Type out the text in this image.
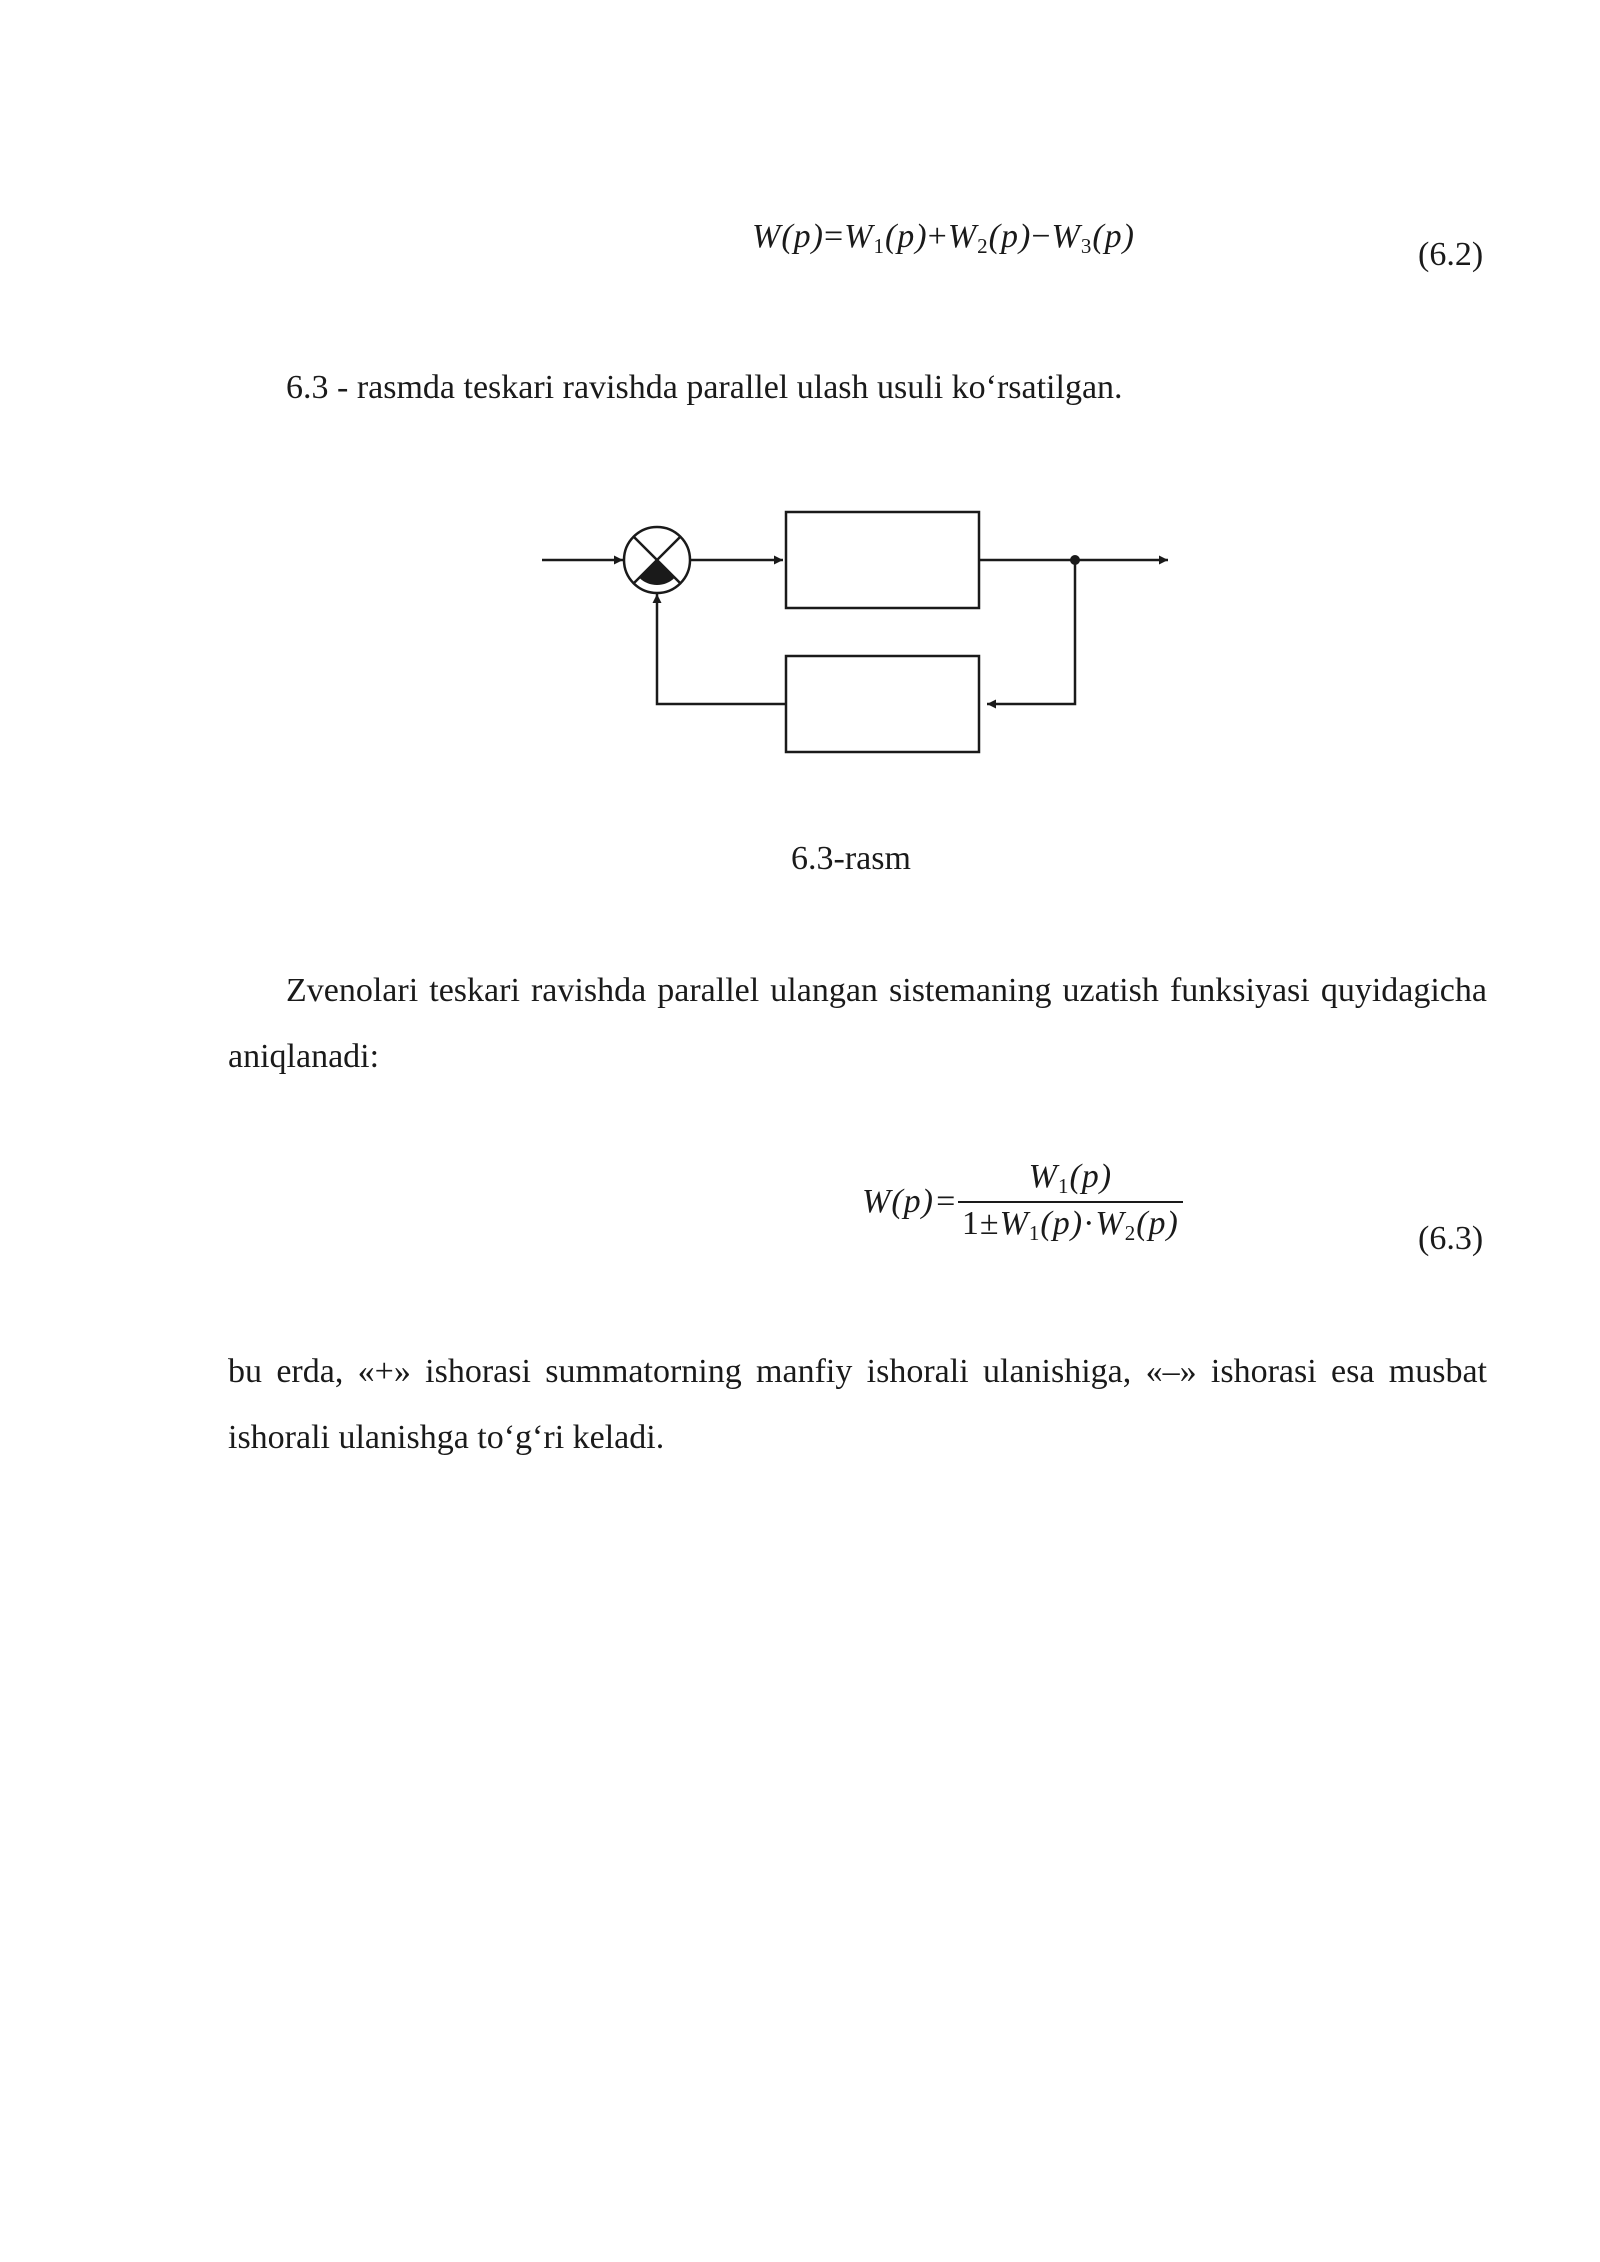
$W(p)=W_1(p)+W_2(p)-W_3(p)$	(6.2)
6.3 - rasmda teskari ravishda parallel ulash usuli ko‘rsatilgan.
6.3-rasm
Zvenolari teskari ravishda parallel ulangan sistemaning uzatish funksiyasi quyidagicha aniqlanadi:
$W(p)= \frac{W_1(p)}{1\pm W_1(p)\cdot W_2(p)}$	(6.3)
bu erda, «+» ishorasi summatorning manfiy ishorali ulanishiga, «–» ishorasi esa musbat ishorali ulanishga to‘g‘ri keladi.
